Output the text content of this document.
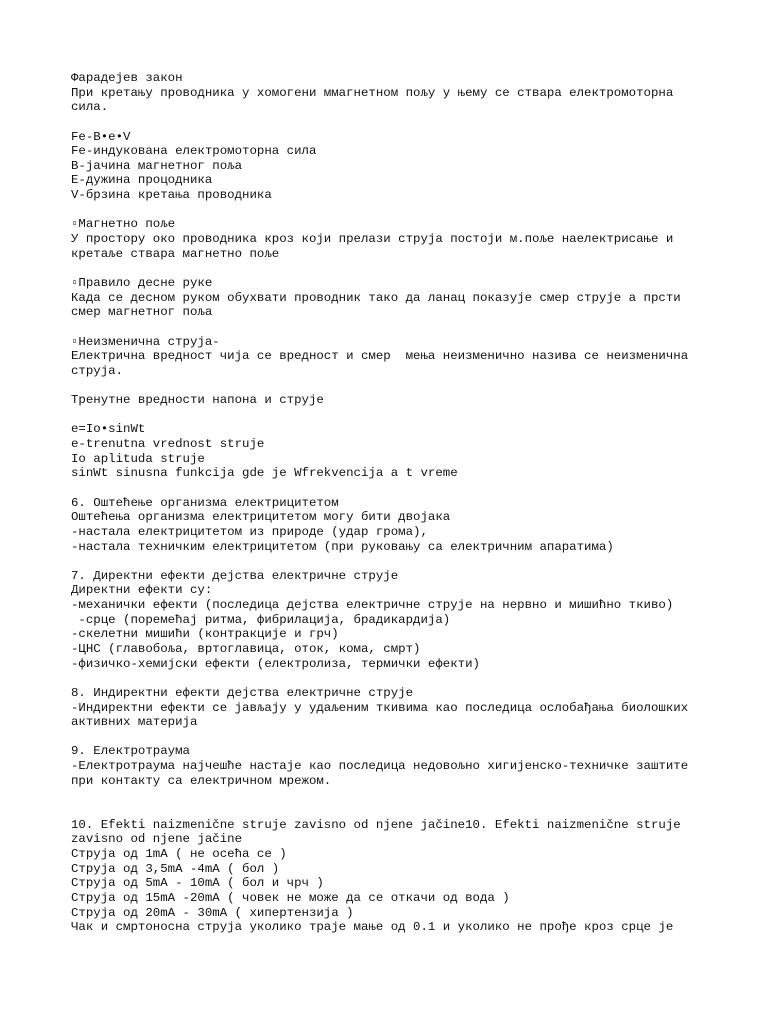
Фарадејев закон
При кретању проводника у хомогени ммагнетном пољу у њему се ствара електромоторна
сила.
Fe-B•e•V
Fe-индукована електромоторна сила
B-јачина магнетног поља
E-дужина процодника
V-брзина кретања проводника
▫Магнетно поље
У простору око проводника кроз који прелази струја постоји м.поље наелектрисање и
кретаље ствара магнетно поље
▫Правило десне руке
Када се десном руком обухвати проводник тако да ланац показује смер струје а прсти
смер магнетног поља
▫Неизменична струја-
Електрична вредност чија се вредност и смер  мења неизменично назива се неизменична
струја.
Тренутне вредности напона и струје
e=Io•sinWt
e-trenutna vrednost struje
Io aplituda struje
sinWt sinusna funkcija gde je Wfrekvencija a t vreme
6. Оштећење организма електрицитетом
Оштећења организма електрицитетом могу бити двојака
-настала електрицитетом из природе (удар грома),
-настала техничким електрицитетом (при руковању са електричним апаратима)
7. Директни ефекти дејства електричне струје
Директни ефекти су:
-механички ефекти (последица дејства електричне струје на нервно и мишићно ткиво)
-срце (поремећај ритма, фибрилација, брадикардија)
-скелетни мишићи (контракције и грч)
-ЦНС (главобоља, вртоглавица, оток, кома, смрт)
-физичко-хемијски ефекти (електролиза, термички ефекти)
8. Индиректни ефекти дејства електричне струје
-Индиректни ефекти се јављају у удаљеним ткивима као последица ослобађања биолошких
активних материја
9. Електротраума
-Електротраума најчешће настаје као последица недовољно хигијенско-техничке заштите
при контакту са електричном мрежом.
10. Efekti naizmenične struje zavisno od njene jačine10. Efekti naizmenične struje
zavisno od njene jačine
Струја од 1mA ( не осећа се )
Струја од 3,5mA -4mA ( бол )
Струја од 5mA - 10mA ( бол и чрч )
Струја од 15mA -20mA ( човек не може да се откачи од вода )
Струја од 20mA - 30mA ( хипертензија )
Чак и смртоносна струја уколико траје мање од 0.1 и уколико не прође кроз срце је
